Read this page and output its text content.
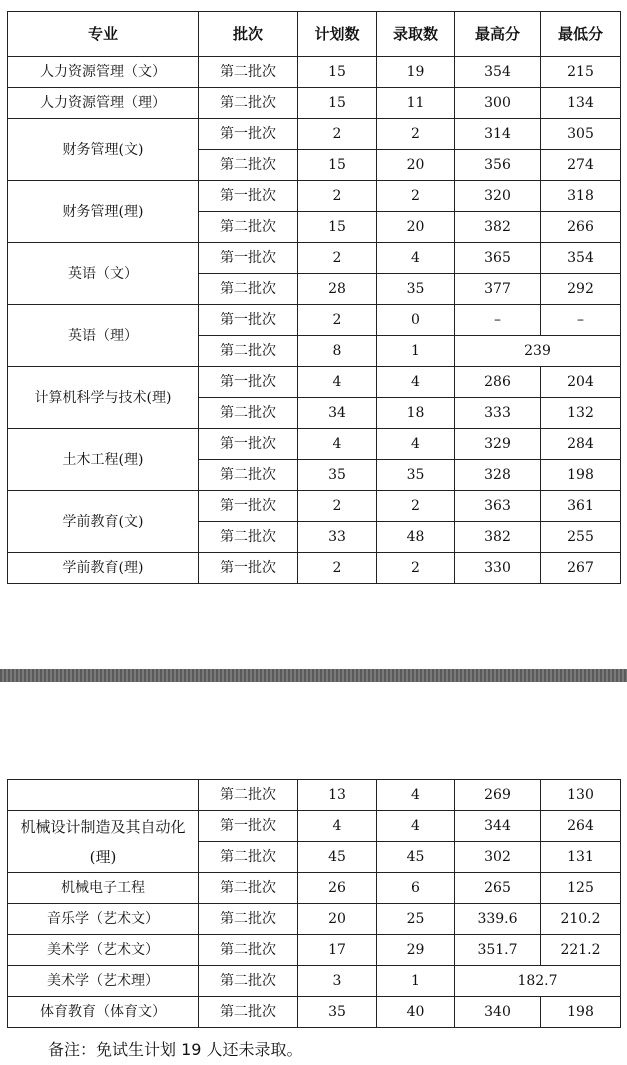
专业	批次	计划数	录取数	最高分	最低分
人力资源管理（文）	第二批次	15	19	354	215
人力资源管理（理）	第二批次	15	11	300	134
财务管理(文)	第一批次	2	2	314	305
	第二批次	15	20	356	274
财务管理(理)	第一批次	2	2	320	318
	第二批次	15	20	382	266
英语（文）	第一批次	2	4	365	354
	第二批次	28	35	377	292
英语（理）	第一批次	2	0	–	–
	第二批次	8	1	239	
计算机科学与技术(理)	第一批次	4	4	286	204
	第二批次	34	18	333	132
土木工程(理)	第一批次	4	4	329	284
	第二批次	35	35	328	198
学前教育(文)	第一批次	2	2	363	361
	第二批次	33	48	382	255
学前教育(理)	第一批次	2	2	330	267
	第二批次	13	4	269	130
机械设计制造及其自动化(理)	第一批次	4	4	344	264
	第二批次	45	45	302	131
机械电子工程	第二批次	26	6	265	125
音乐学（艺术文）	第二批次	20	25	339.6	210.2
美术学（艺术文）	第二批次	17	29	351.7	221.2
美术学（艺术理）	第二批次	3	1	182.7	
体育教育（体育文）	第二批次	35	40	340	198
备注：免试生计划 19 人还未录取。
